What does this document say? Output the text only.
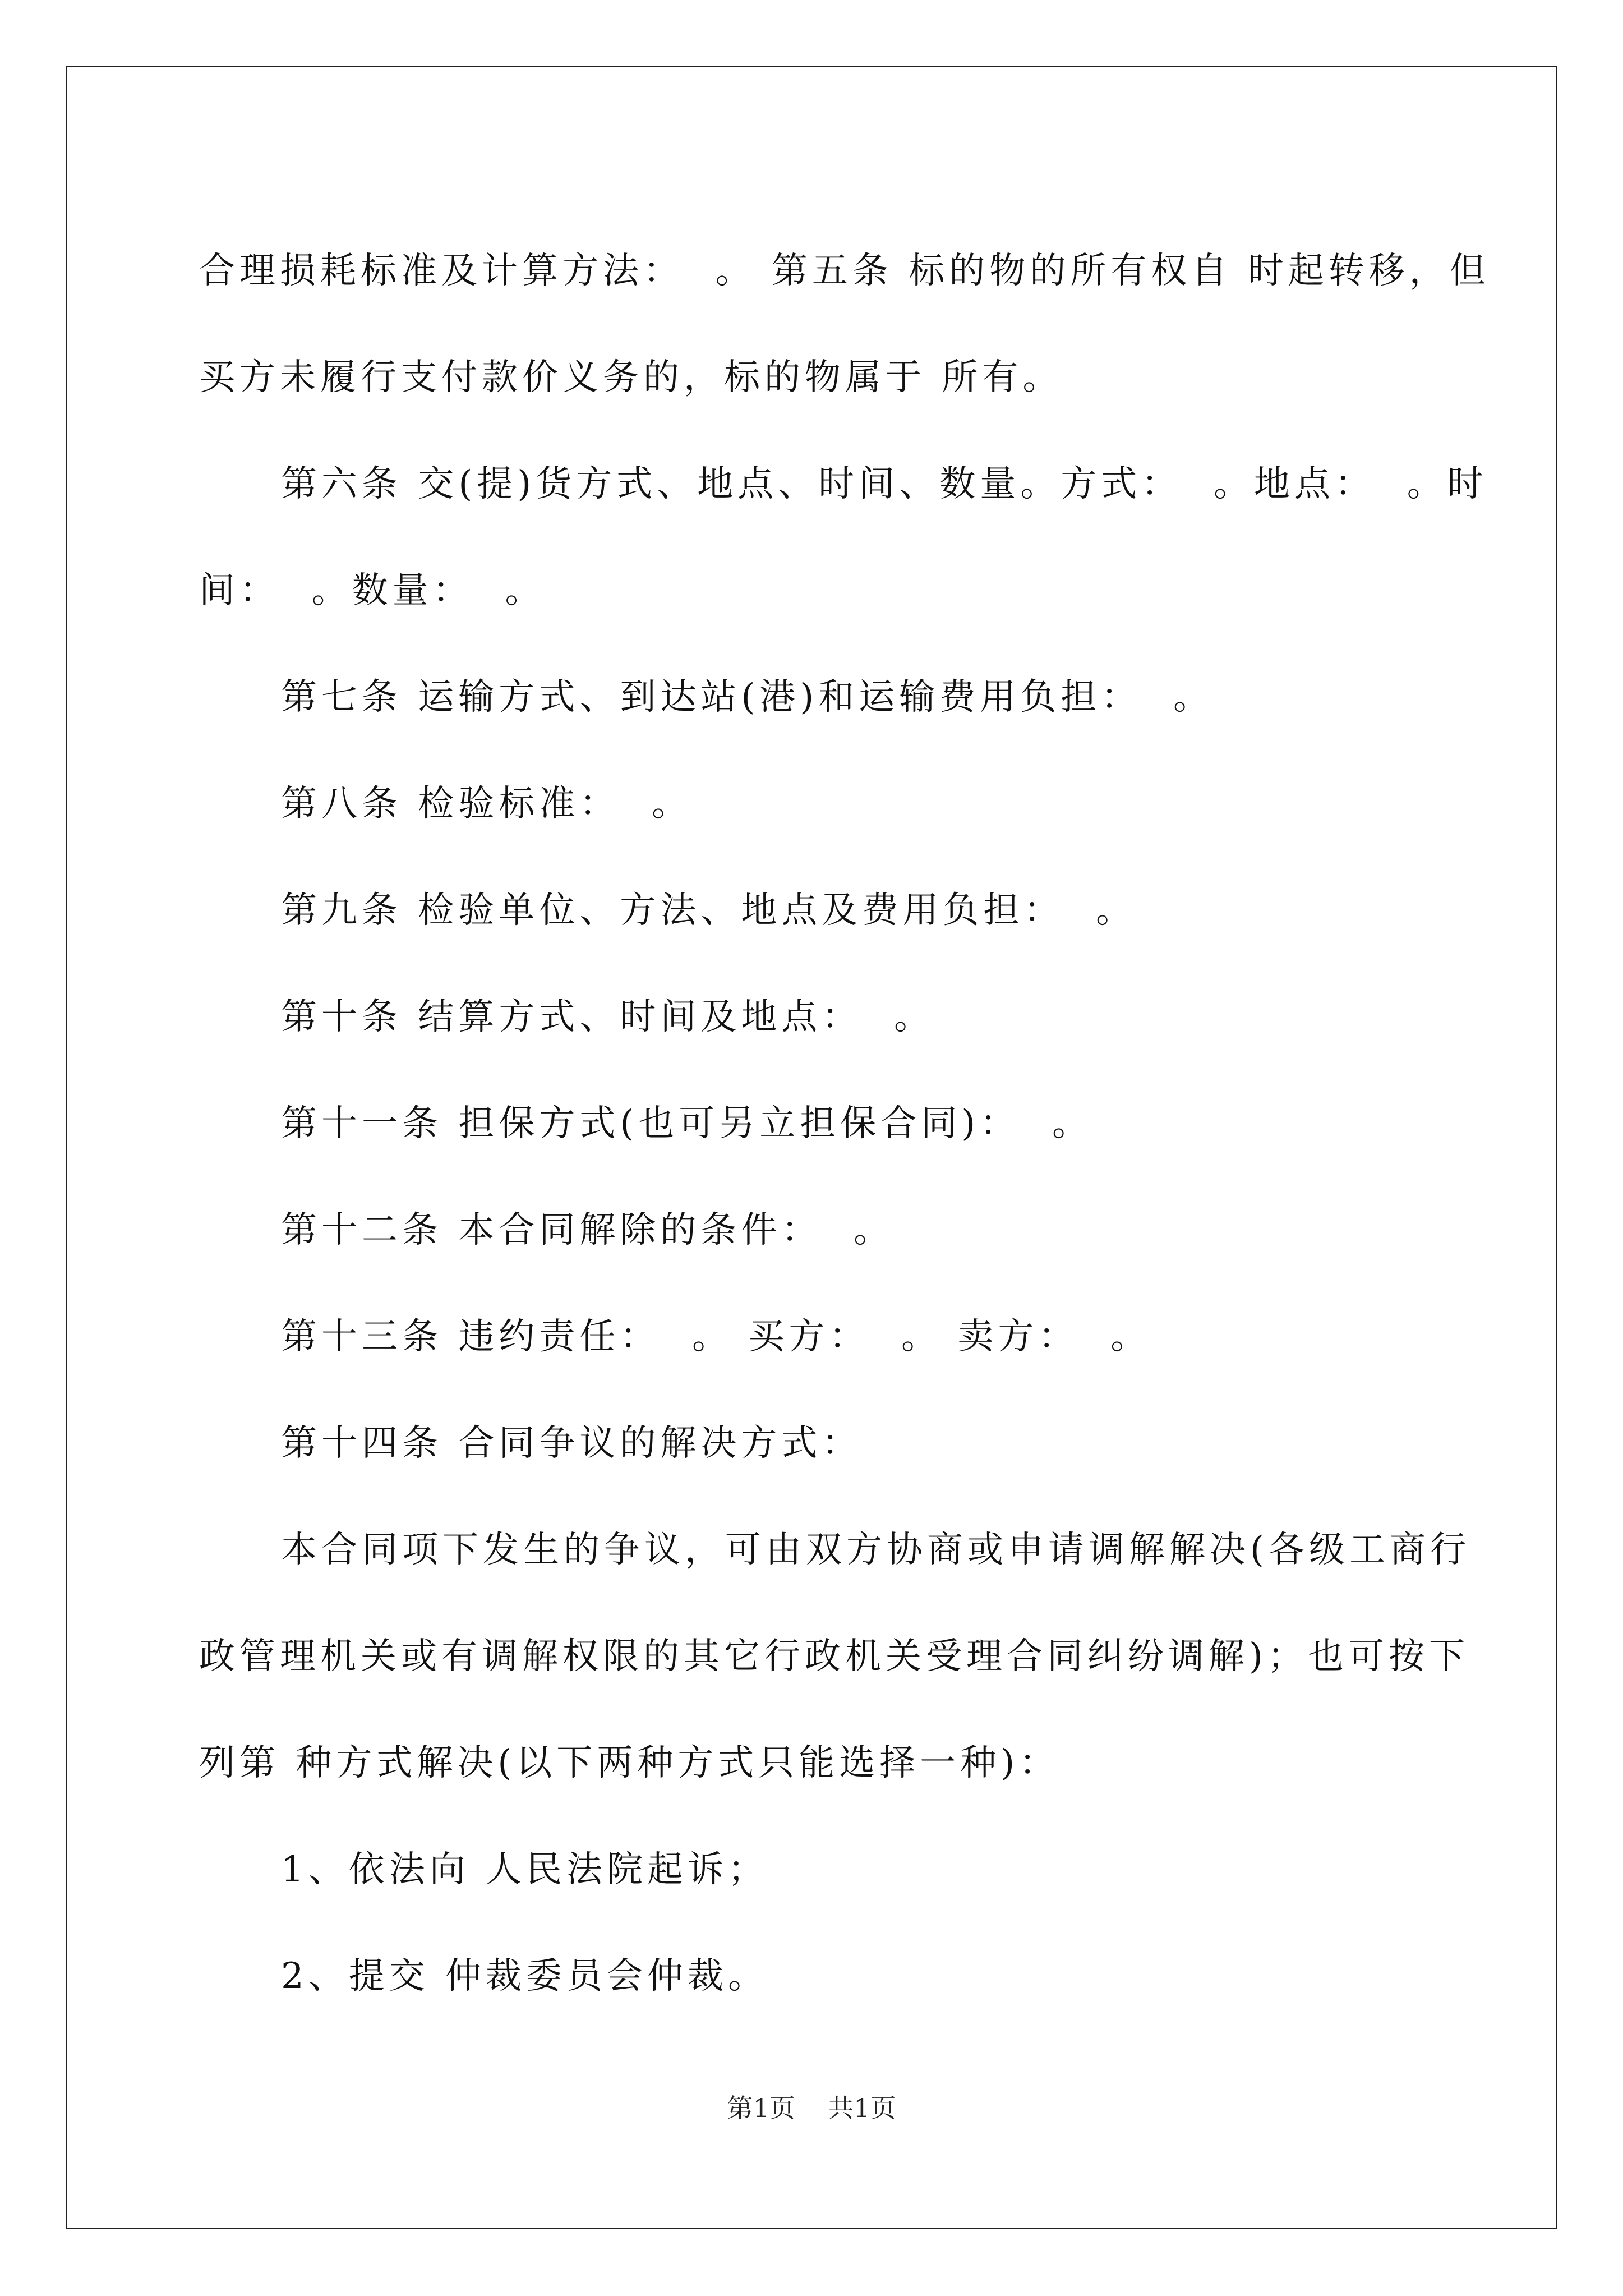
合理损耗标准及计算方法：  。 第五条 标的物的所有权自 时起转移，但买方未履行支付款价义务的，标的物属于 所有。

第六条 交(提)货方式、地点、时间、数量。方式：  。地点：  。时间：  。数量：  。

第七条 运输方式、到达站(港)和运输费用负担：  。

第八条 检验标准：  。

第九条 检验单位、方法、地点及费用负担：  。

第十条 结算方式、时间及地点：  。

第十一条 担保方式(也可另立担保合同)：  。

第十二条 本合同解除的条件：  。

第十三条 违约责任：  。 买方：  。 卖方：  。

第十四条 合同争议的解决方式：

本合同项下发生的争议，可由双方协商或申请调解解决(各级工商行政管理机关或有调解权限的其它行政机关受理合同纠纷调解)；也可按下列第 种方式解决(以下两种方式只能选择一种)：

1、依法向 人民法院起诉；

2、提交 仲裁委员会仲裁。

第1页 共1页
